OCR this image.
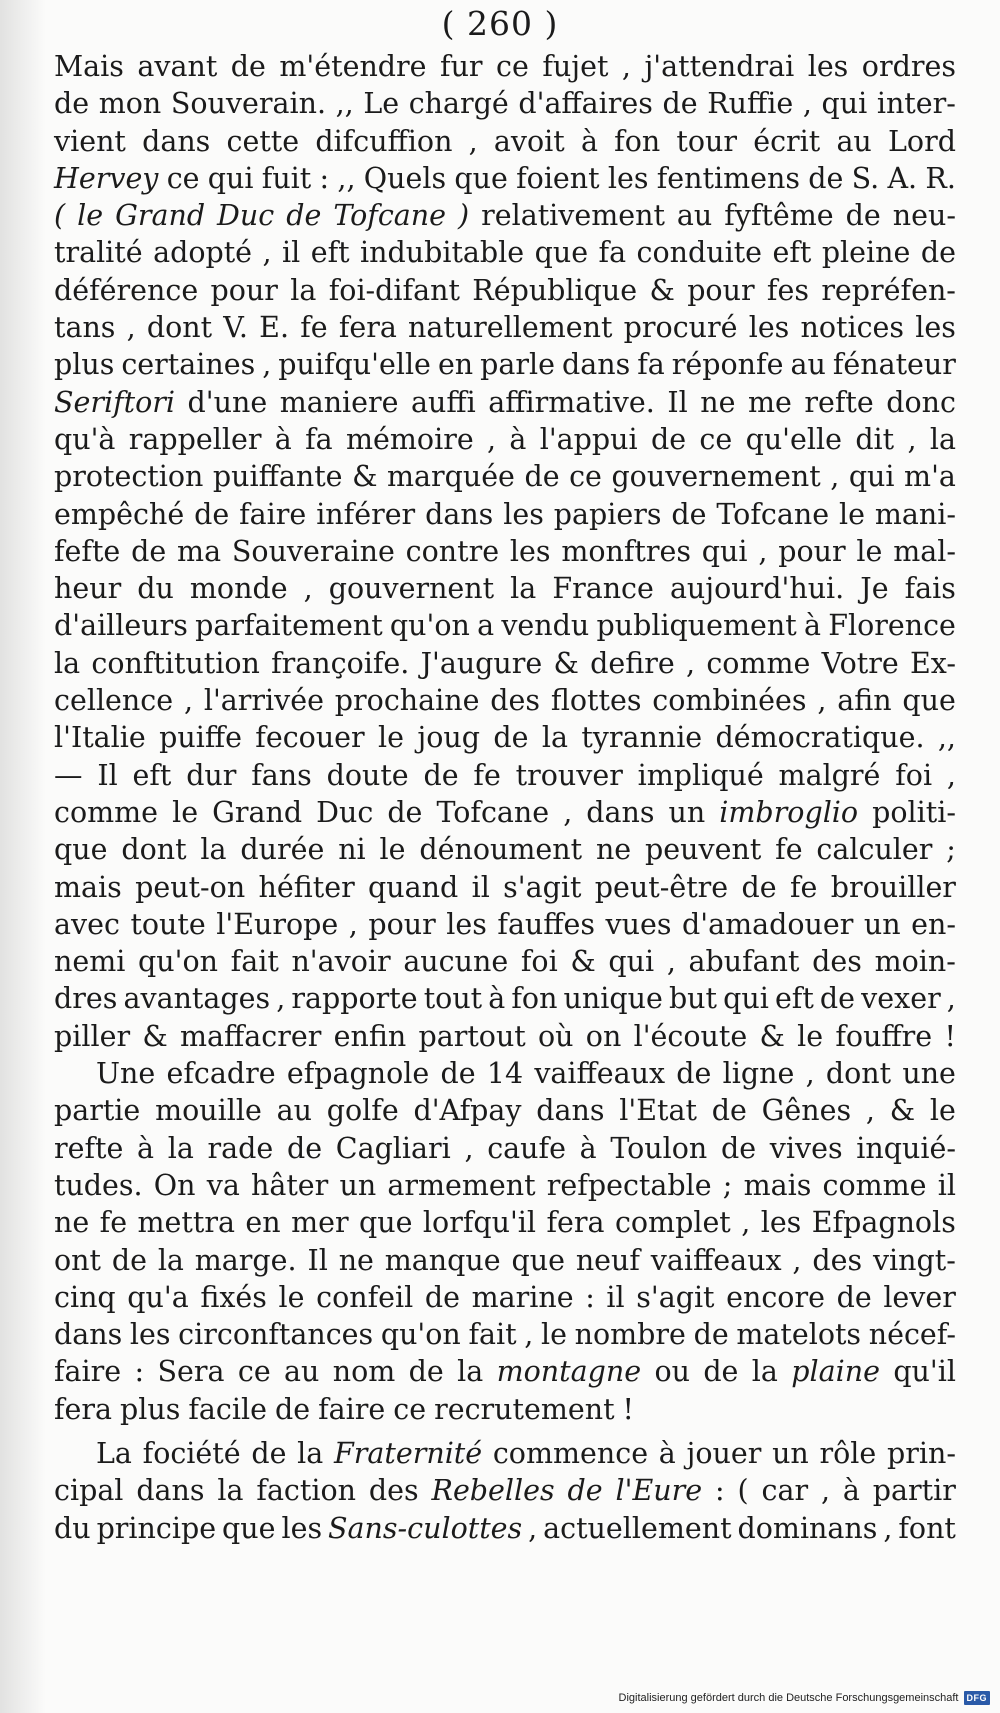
( 260 )
Mais avant de m'étendre fur ce fujet , j'attendrai les ordres
de mon Souverain. ,, Le chargé d'affaires de Ruffie , qui inter-
vient dans cette difcuffion , avoit à fon tour écrit au Lord
Hervey ce qui fuit : ,, Quels que foient les fentimens de S. A. R.
( le Grand Duc de Tofcane ) relativement au fyftême de neu-
tralité adopté , il eft indubitable que fa conduite eft pleine de
déférence pour la foi-difant République & pour fes repréfen-
tans , dont V. E. fe fera naturellement procuré les notices les
plus certaines , puifqu'elle en parle dans fa réponfe au fénateur
Seriftori d'une maniere auffi affirmative. Il ne me refte donc
qu'à rappeller à fa mémoire , à l'appui de ce qu'elle dit , la
protection puiffante & marquée de ce gouvernement , qui m'a
empêché de faire inférer dans les papiers de Tofcane le mani-
fefte de ma Souveraine contre les monftres qui , pour le mal-
heur du monde , gouvernent la France aujourd'hui. Je fais
d'ailleurs parfaitement qu'on a vendu publiquement à Florence
la conftitution françoife. J'augure & defire , comme Votre Ex-
cellence , l'arrivée prochaine des flottes combinées , afin que
l'Italie puiffe fecouer le joug de la tyrannie démocratique. ,,
— Il eft dur fans doute de fe trouver impliqué malgré foi ,
comme le Grand Duc de Tofcane , dans un imbroglio politi-
que dont la durée ni le dénoument ne peuvent fe calculer ;
mais peut-on héfiter quand il s'agit peut-être de fe brouiller
avec toute l'Europe , pour les fauffes vues d'amadouer un en-
nemi qu'on fait n'avoir aucune foi & qui , abufant des moin-
dres avantages , rapporte tout à fon unique but qui eft de vexer ,
piller & maffacrer enfin partout où on l'écoute & le fouffre !
Une efcadre efpagnole de 14 vaiffeaux de ligne , dont une
partie mouille au golfe d'Afpay dans l'Etat de Gênes , & le
refte à la rade de Cagliari , caufe à Toulon de vives inquié-
tudes. On va hâter un armement refpectable ; mais comme il
ne fe mettra en mer que lorfqu'il fera complet , les Efpagnols
ont de la marge. Il ne manque que neuf vaiffeaux , des vingt-
cinq qu'a fixés le confeil de marine : il s'agit encore de lever
dans les circonftances qu'on fait , le nombre de matelots nécef-
faire : Sera ce au nom de la montagne ou de la plaine qu'il
fera plus facile de faire ce recrutement !
La fociété de la Fraternité commence à jouer un rôle prin-
cipal dans la faction des Rebelles de l'Eure : ( car , à partir
du principe que les Sans-culottes , actuellement dominans , font
Digitalisierung gefördert durch die Deutsche Forschungsgemeinschaft DFG
